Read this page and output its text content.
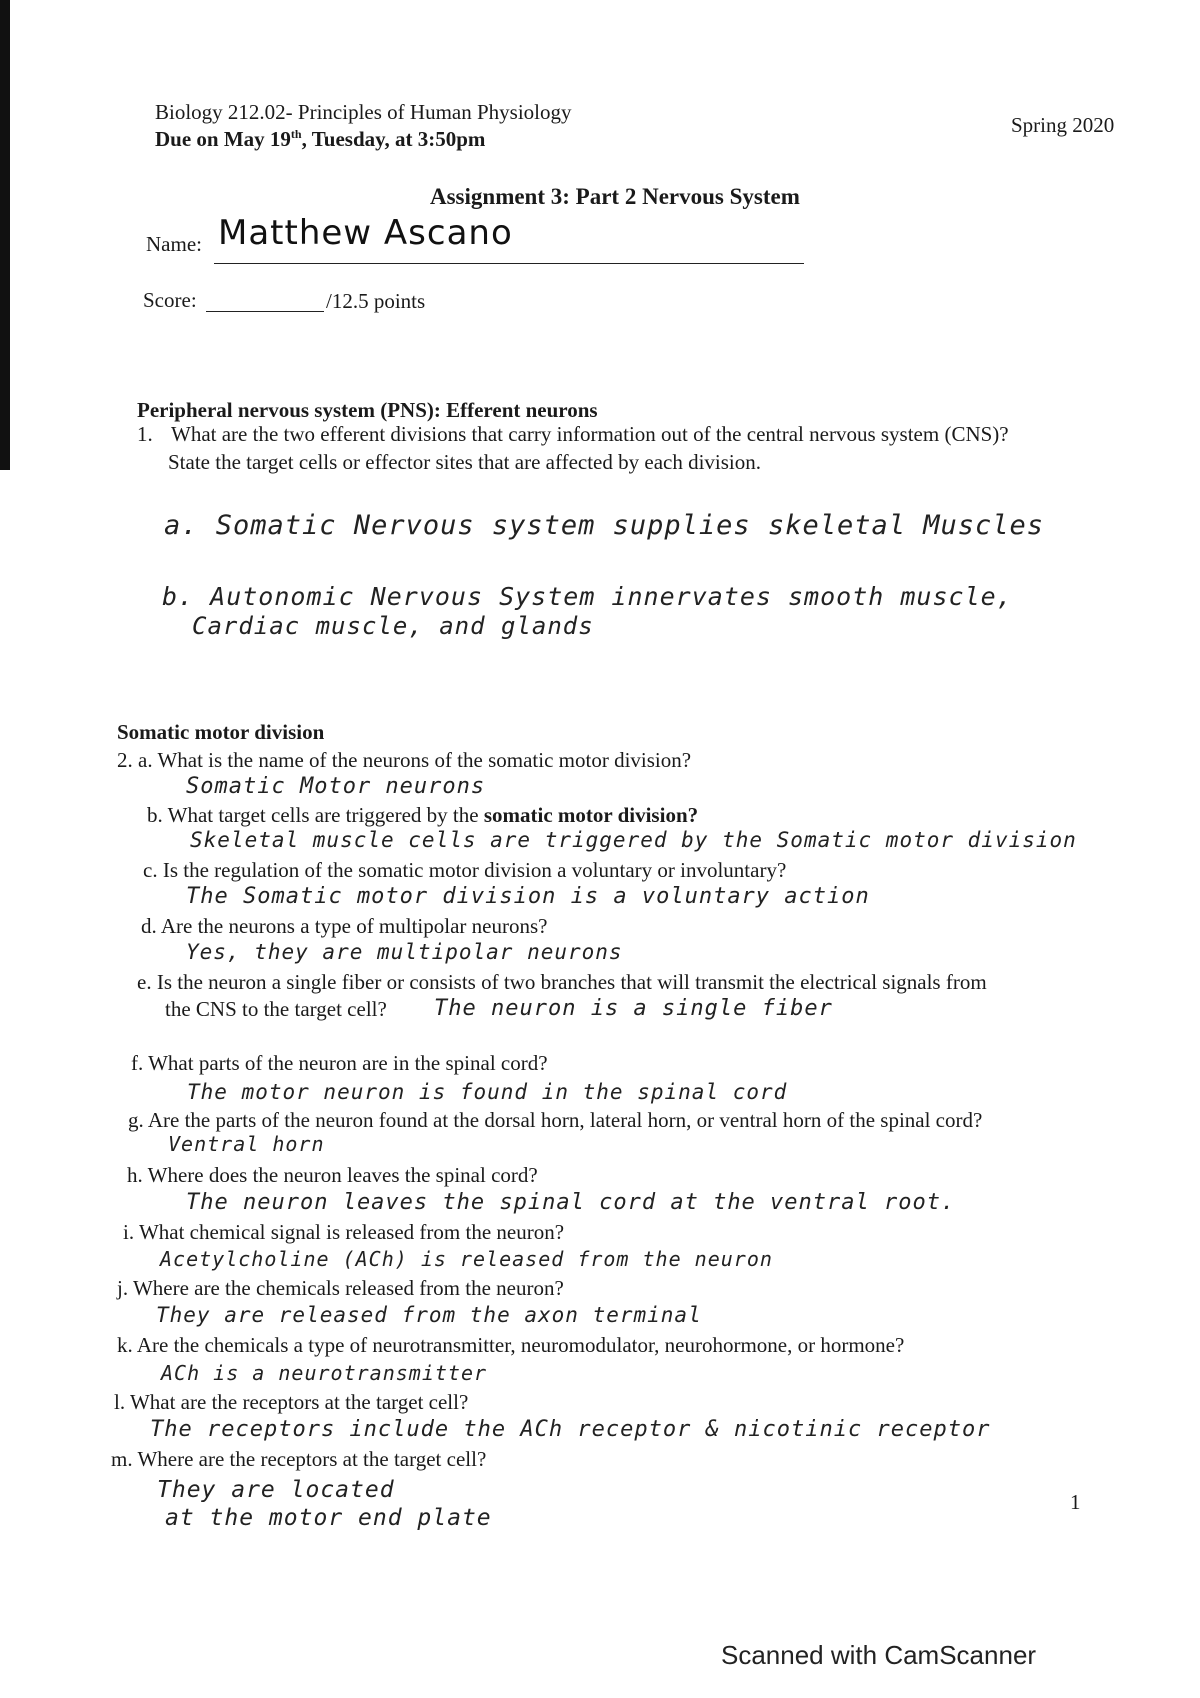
Biology 212.02- Principles of Human Physiology
Due on May 19th, Tuesday, at 3:50pm
Spring 2020
Assignment 3: Part 2 Nervous System
Name: Matthew Ascano
Score:	/12.5 points
Peripheral nervous system (PNS): Efferent neurons
1. What are the two efferent divisions that carry information out of the central nervous system (CNS)?
State the target cells or effector sites that are affected by each division.
a. Somatic Nervous system supplies skeletal Muscles
b. Autonomic Nervous System innervates smooth muscle,
Cardiac muscle, and glands
Somatic motor division
2. a. What is the name of the neurons of the somatic motor division?
Somatic Motor neurons
b. What target cells are triggered by the somatic motor division?
Skeletal muscle cells are triggered by the Somatic motor division
c. Is the regulation of the somatic motor division a voluntary or involuntary?
The Somatic motor division is a voluntary action
d. Are the neurons a type of multipolar neurons?
Yes, they are multipolar neurons
e. Is the neuron a single fiber or consists of two branches that will transmit the electrical signals from
the CNS to the target cell? The neuron is a single fiber
f. What parts of the neuron are in the spinal cord?
The motor neuron is found in the spinal cord
g. Are the parts of the neuron found at the dorsal horn, lateral horn, or ventral horn of the spinal cord?
Ventral horn
h. Where does the neuron leaves the spinal cord?
The neuron leaves the spinal cord at the ventral root.
i. What chemical signal is released from the neuron?
Acetylcholine (ACh) is released from the neuron
j. Where are the chemicals released from the neuron?
They are released from the axon terminal
k. Are the chemicals a type of neurotransmitter, neuromodulator, neurohormone, or hormone?
ACh is a neurotransmitter
l. What are the receptors at the target cell?
The receptors include the ACh receptor & nicotinic receptor
m. Where are the receptors at the target cell?
They are located
at the motor end plate
1
Scanned with CamScanner
